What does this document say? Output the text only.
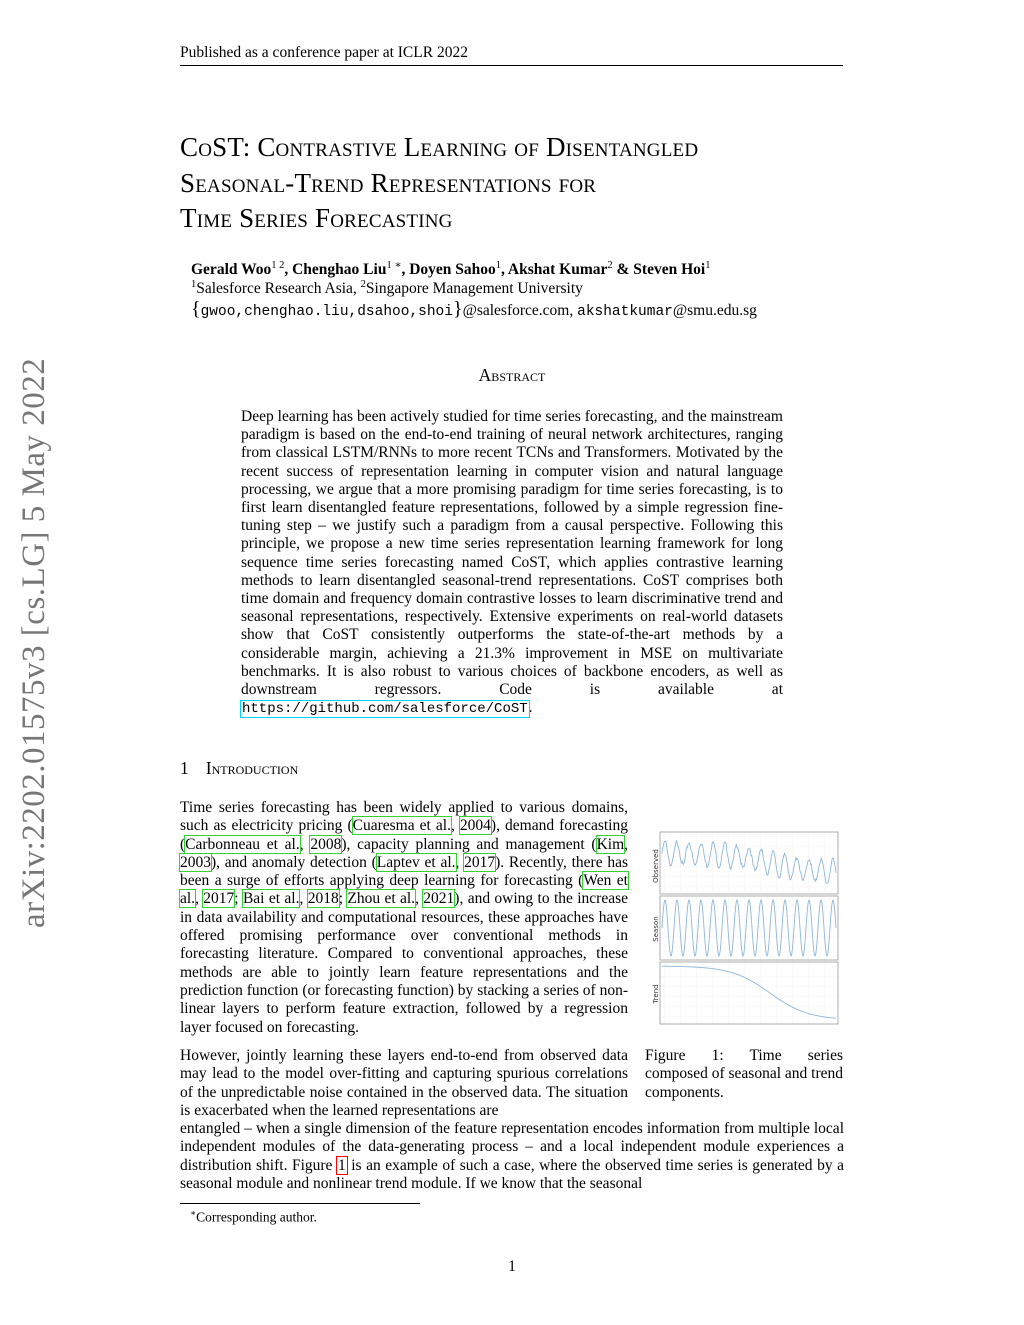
Published as a conference paper at ICLR 2022
CoST: Contrastive Learning of Disentangled
Seasonal-Trend Representations for
Time Series Forecasting
Gerald Woo$^{1 2}$, Chenghao Liu$^{1 ∗}$, Doyen Sahoo$^1$, Akshat Kumar$^2$ & Steven Hoi$^1$
$^1$Salesforce Research Asia, $^2$Singapore Management University
{gwoo,chenghao.liu,dsahoo,shoi}@salesforce.com, akshatkumar@smu.edu.sg
arXiv:2202.01575v3 [cs.LG] 5 May 2022	Abstract
Deep learning has been actively studied for time series forecasting, and the mainstream paradigm is based on the end-to-end training of neural network architectures, ranging from classical LSTM/RNNs to more recent TCNs and Transformers. Motivated by the recent success of representation learning in computer vision and natural language processing, we argue that a more promising paradigm for time series forecasting, is to first learn disentangled feature representations, followed by a simple regression fine-tuning step – we justify such a paradigm from a causal perspective. Following this principle, we propose a new time series representation learning framework for long sequence time series forecasting named CoST, which applies contrastive learning methods to learn disentangled seasonal-trend representations. CoST comprises both time domain and frequency domain contrastive losses to learn discriminative trend and seasonal representations, respectively. Extensive experiments on real-world datasets show that CoST consistently outperforms the state-of-the-art methods by a considerable margin, achieving a 21.3% improvement in MSE on multivariate benchmarks. It is also robust to various choices of backbone encoders, as well as downstream regressors. Code is available at https://github.com/salesforce/CoST.
1 Introduction
Time series forecasting has been widely applied to various domains, such as electricity pricing (Cuaresma et al., 2004), demand forecasting (Carbonneau et al., 2008), capacity planning and management (Kim, 2003), and anomaly detection (Laptev et al., 2017). Recently, there has been a surge of efforts applying deep learning for forecasting (Wen et al., 2017; Bai et al., 2018; Zhou et al., 2021), and owing to the increase in data availability and computational resources, these approaches have offered promising performance over conventional methods in forecasting literature. Compared to conventional approaches, these methods are able to jointly learn feature representations and the prediction function (or forecasting function) by stacking a series of non-linear layers to perform feature extraction, followed by a regression layer focused on forecasting.
However, jointly learning these layers end-to-end from observed data may lead to the model over-fitting and capturing spurious correlations of the unpredictable noise contained in the observed data. The situation is exacerbated when the learned representations are
entangled – when a single dimension of the feature representation encodes information from multiple local independent modules of the data-generating process – and a local independent module experiences a distribution shift. Figure 1 is an example of such a case, where the observed time series is generated by a seasonal module and nonlinear trend module. If we know that the seasonal
Observed
Season
Trend
Figure 1: Time series composed of seasonal and trend components.
∗Corresponding author.
1
